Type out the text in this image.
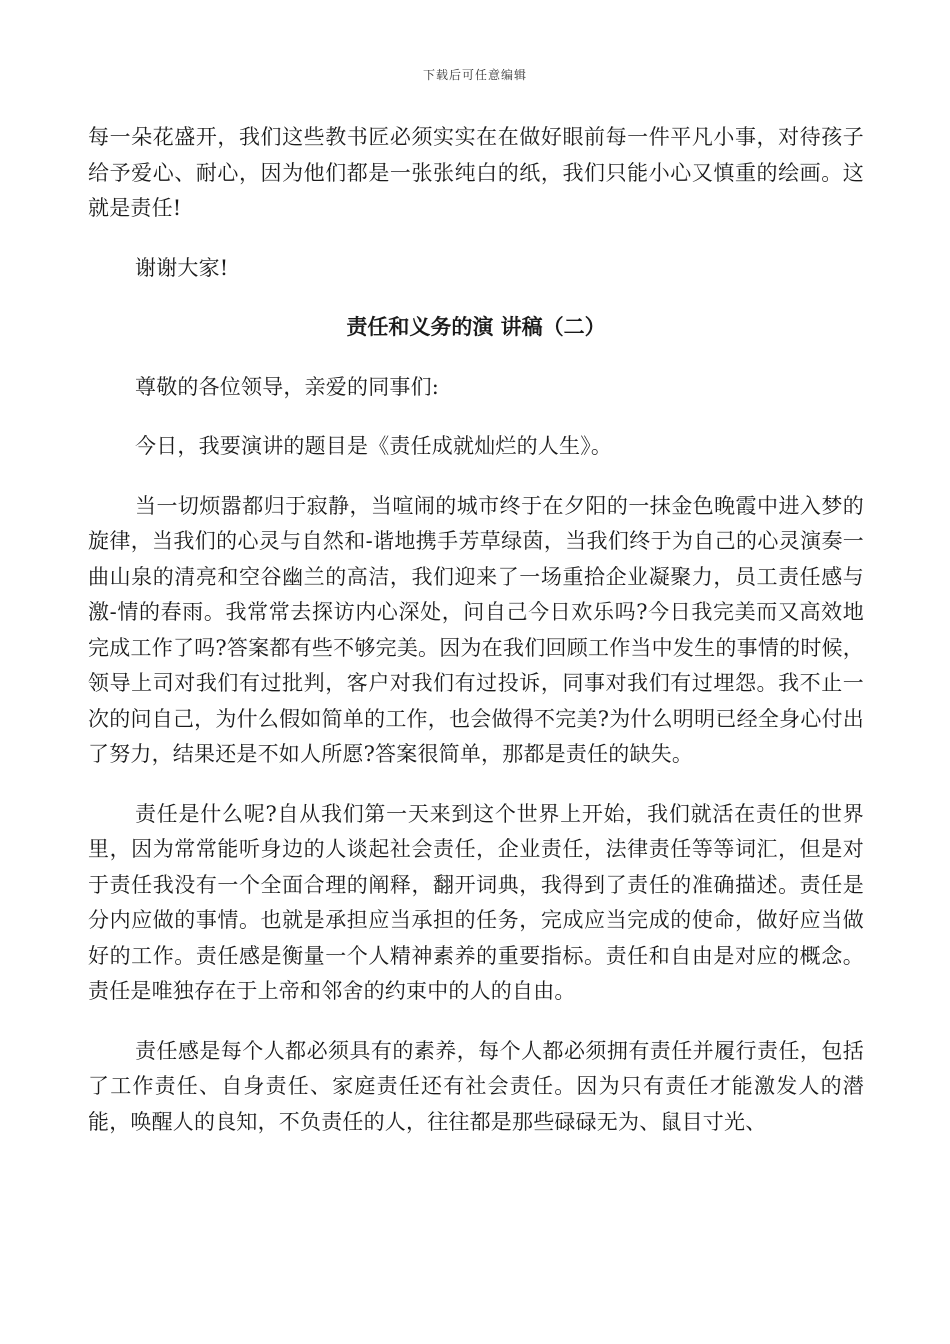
下载后可任意编辑

每一朵花盛开，我们这些教书匠必须实实在在做好眼前每一件平凡小事，对待孩子给予爱心、耐心，因为他们都是一张张纯白的纸，我们只能小心又慎重的绘画。这就是责任!

谢谢大家!

责任和义务的演 讲稿（二）

尊敬的各位领导，亲爱的同事们:

今日，我要演讲的题目是《责任成就灿烂的人生》。

当一切烦嚣都归于寂静，当喧闹的城市终于在夕阳的一抹金色晚霞中进入梦的旋律，当我们的心灵与自然和-谐地携手芳草绿茵，当我们终于为自己的心灵演奏一曲山泉的清亮和空谷幽兰的高洁，我们迎来了一场重拾企业凝聚力，员工责任感与激-情的春雨。我常常去探访内心深处，问自己今日欢乐吗?今日我完美而又高效地完成工作了吗?答案都有些不够完美。因为在我们回顾工作当中发生的事情的时候，领导上司对我们有过批判，客户对我们有过投诉，同事对我们有过埋怨。我不止一次的问自己，为什么假如简单的工作，也会做得不完美?为什么明明已经全身心付出了努力，结果还是不如人所愿?答案很简单，那都是责任的缺失。

责任是什么呢?自从我们第一天来到这个世界上开始，我们就活在责任的世界里，因为常常能听身边的人谈起社会责任，企业责任，法律责任等等词汇，但是对于责任我没有一个全面合理的阐释，翻开词典，我得到了责任的准确描述。责任是分内应做的事情。也就是承担应当承担的任务，完成应当完成的使命，做好应当做好的工作。责任感是衡量一个人精神素养的重要指标。责任和自由是对应的概念。责任是唯独存在于上帝和邻舍的约束中的人的自由。

责任感是每个人都必须具有的素养，每个人都必须拥有责任并履行责任，包括了工作责任、自身责任、家庭责任还有社会责任。因为只有责任才能激发人的潜能，唤醒人的良知，不负责任的人，往往都是那些碌碌无为、鼠目寸光、
